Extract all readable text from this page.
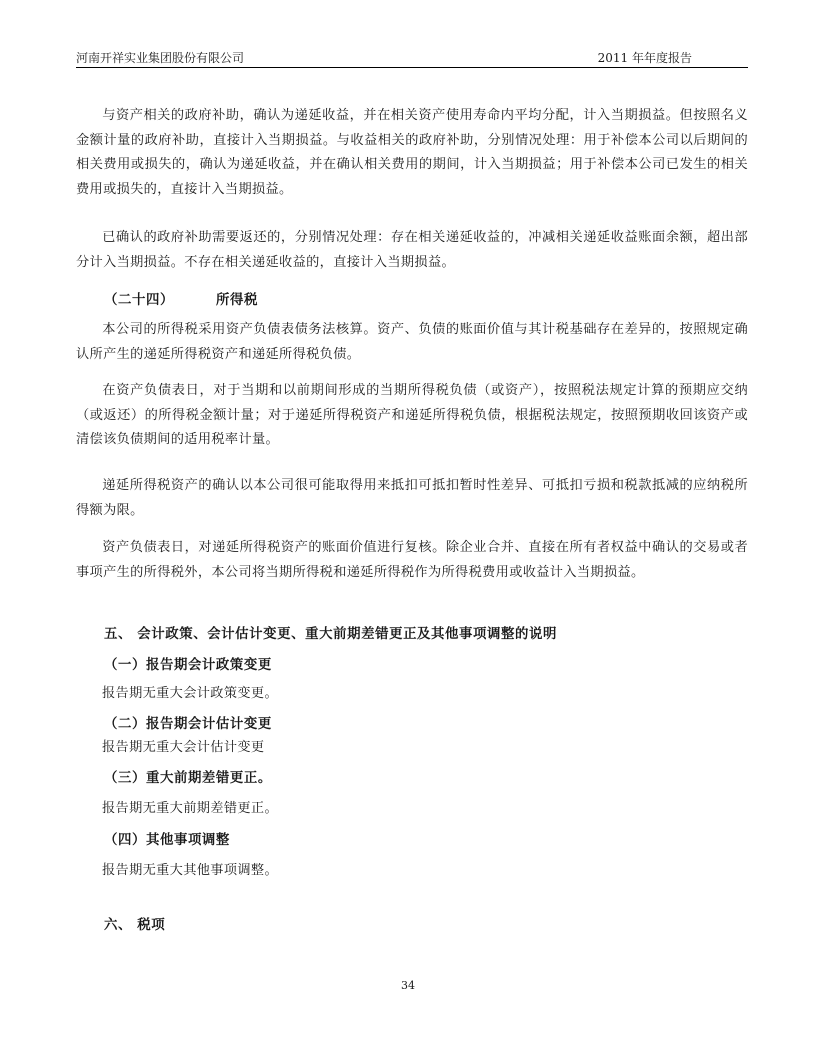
河南开祥实业集团股份有限公司	2011 年年度报告
与资产相关的政府补助，确认为递延收益，并在相关资产使用寿命内平均分配，计入当期损益。但按照名义金额计量的政府补助，直接计入当期损益。与收益相关的政府补助，分别情况处理：用于补偿本公司以后期间的相关费用或损失的，确认为递延收益，并在确认相关费用的期间，计入当期损益；用于补偿本公司已发生的相关费用或损失的，直接计入当期损益。
已确认的政府补助需要返还的，分别情况处理：存在相关递延收益的，冲减相关递延收益账面余额，超出部分计入当期损益。不存在相关递延收益的，直接计入当期损益。
（二十四）	所得税
本公司的所得税采用资产负债表债务法核算。资产、负债的账面价值与其计税基础存在差异的，按照规定确认所产生的递延所得税资产和递延所得税负债。
在资产负债表日，对于当期和以前期间形成的当期所得税负债（或资产），按照税法规定计算的预期应交纳（或返还）的所得税金额计量；对于递延所得税资产和递延所得税负债，根据税法规定，按照预期收回该资产或清偿该负债期间的适用税率计量。
递延所得税资产的确认以本公司很可能取得用来抵扣可抵扣暂时性差异、可抵扣亏损和税款抵减的应纳税所得额为限。
资产负债表日，对递延所得税资产的账面价值进行复核。除企业合并、直接在所有者权益中确认的交易或者事项产生的所得税外，本公司将当期所得税和递延所得税作为所得税费用或收益计入当期损益。
五、 会计政策、会计估计变更、重大前期差错更正及其他事项调整的说明
（一）报告期会计政策变更
报告期无重大会计政策变更。
（二）报告期会计估计变更
报告期无重大会计估计变更
（三）重大前期差错更正。
报告期无重大前期差错更正。
（四）其他事项调整
报告期无重大其他事项调整。
六、 税项
34
